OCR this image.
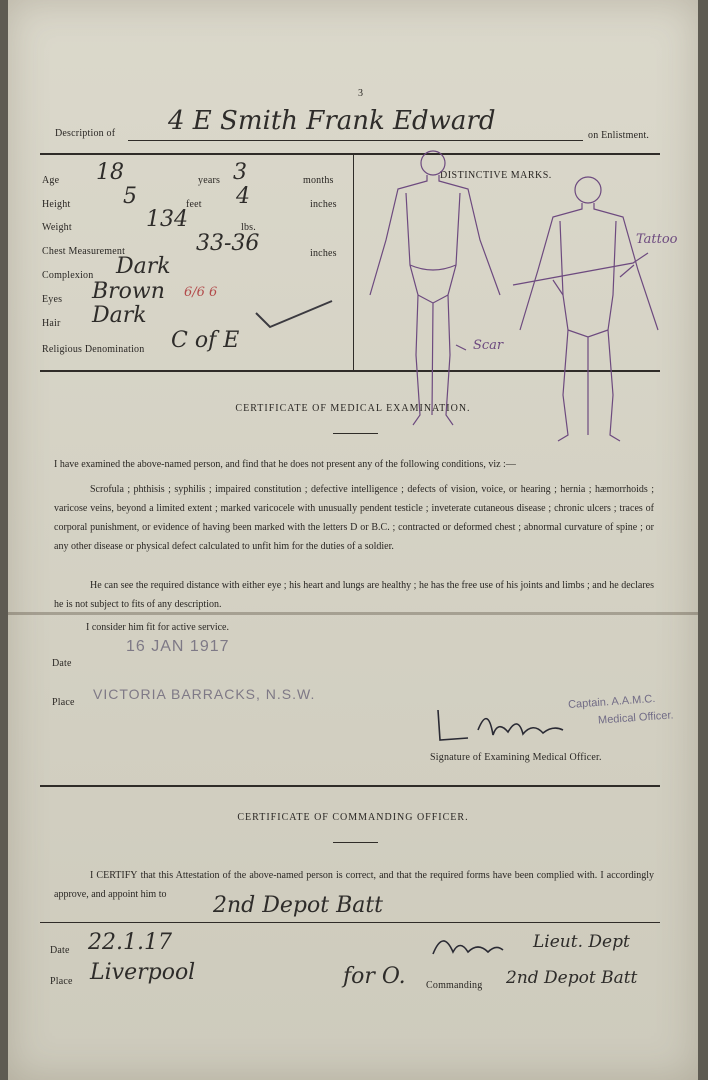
3
Description of 4 E Smith Frank Edward	on Enlistment.
Age 18	years 3	months
Height 5	feet 4	inches
Weight	134	lbs.
Chest Measurement	33-36	inches
Complexion Dark
Eyes Brown 6/6 6
Hair Dark
Religious Denomination C of E
DISTINCTIVE MARKS.
Tattoo
Scar
CERTIFICATE OF MEDICAL EXAMINATION.
I have examined the above-named person, and find that he does not present any of the following conditions, viz :—
Scrofula ; phthisis ; syphilis ; impaired constitution ; defective intelligence ; defects of vision, voice, or hearing ; hernia ; hæmorrhoids ; varicose veins, beyond a limited extent ; marked varicocele with unusually pendent testicle ; inveterate cutaneous disease ; chronic ulcers ; traces of corporal punishment, or evidence of having been marked with the letters D or B.C. ; contracted or deformed chest ; abnormal curvature of spine ; or any other disease or physical defect calculated to unfit him for the duties of a soldier.
He can see the required distance with either eye ; his heart and lungs are healthy ; he has the free use of his joints and limbs ; and he declares he is not subject to fits of any description.
I consider him fit for active service.
Date
16 JAN 1917
Place
VICTORIA BARRACKS, N.S.W.	Captain. A.A.M.C.
Medical Officer.
Signature of Examining Medical Officer.
CERTIFICATE OF COMMANDING OFFICER.
I CERTIFY that this Attestation of the above-named person is correct, and that the required forms have been complied with. I accordingly approve, and appoint him to	2nd Depot Batt
Date 22.1.17	Lieut. Dept
Place Liverpool	for O. Commanding 2nd Depot Batt
